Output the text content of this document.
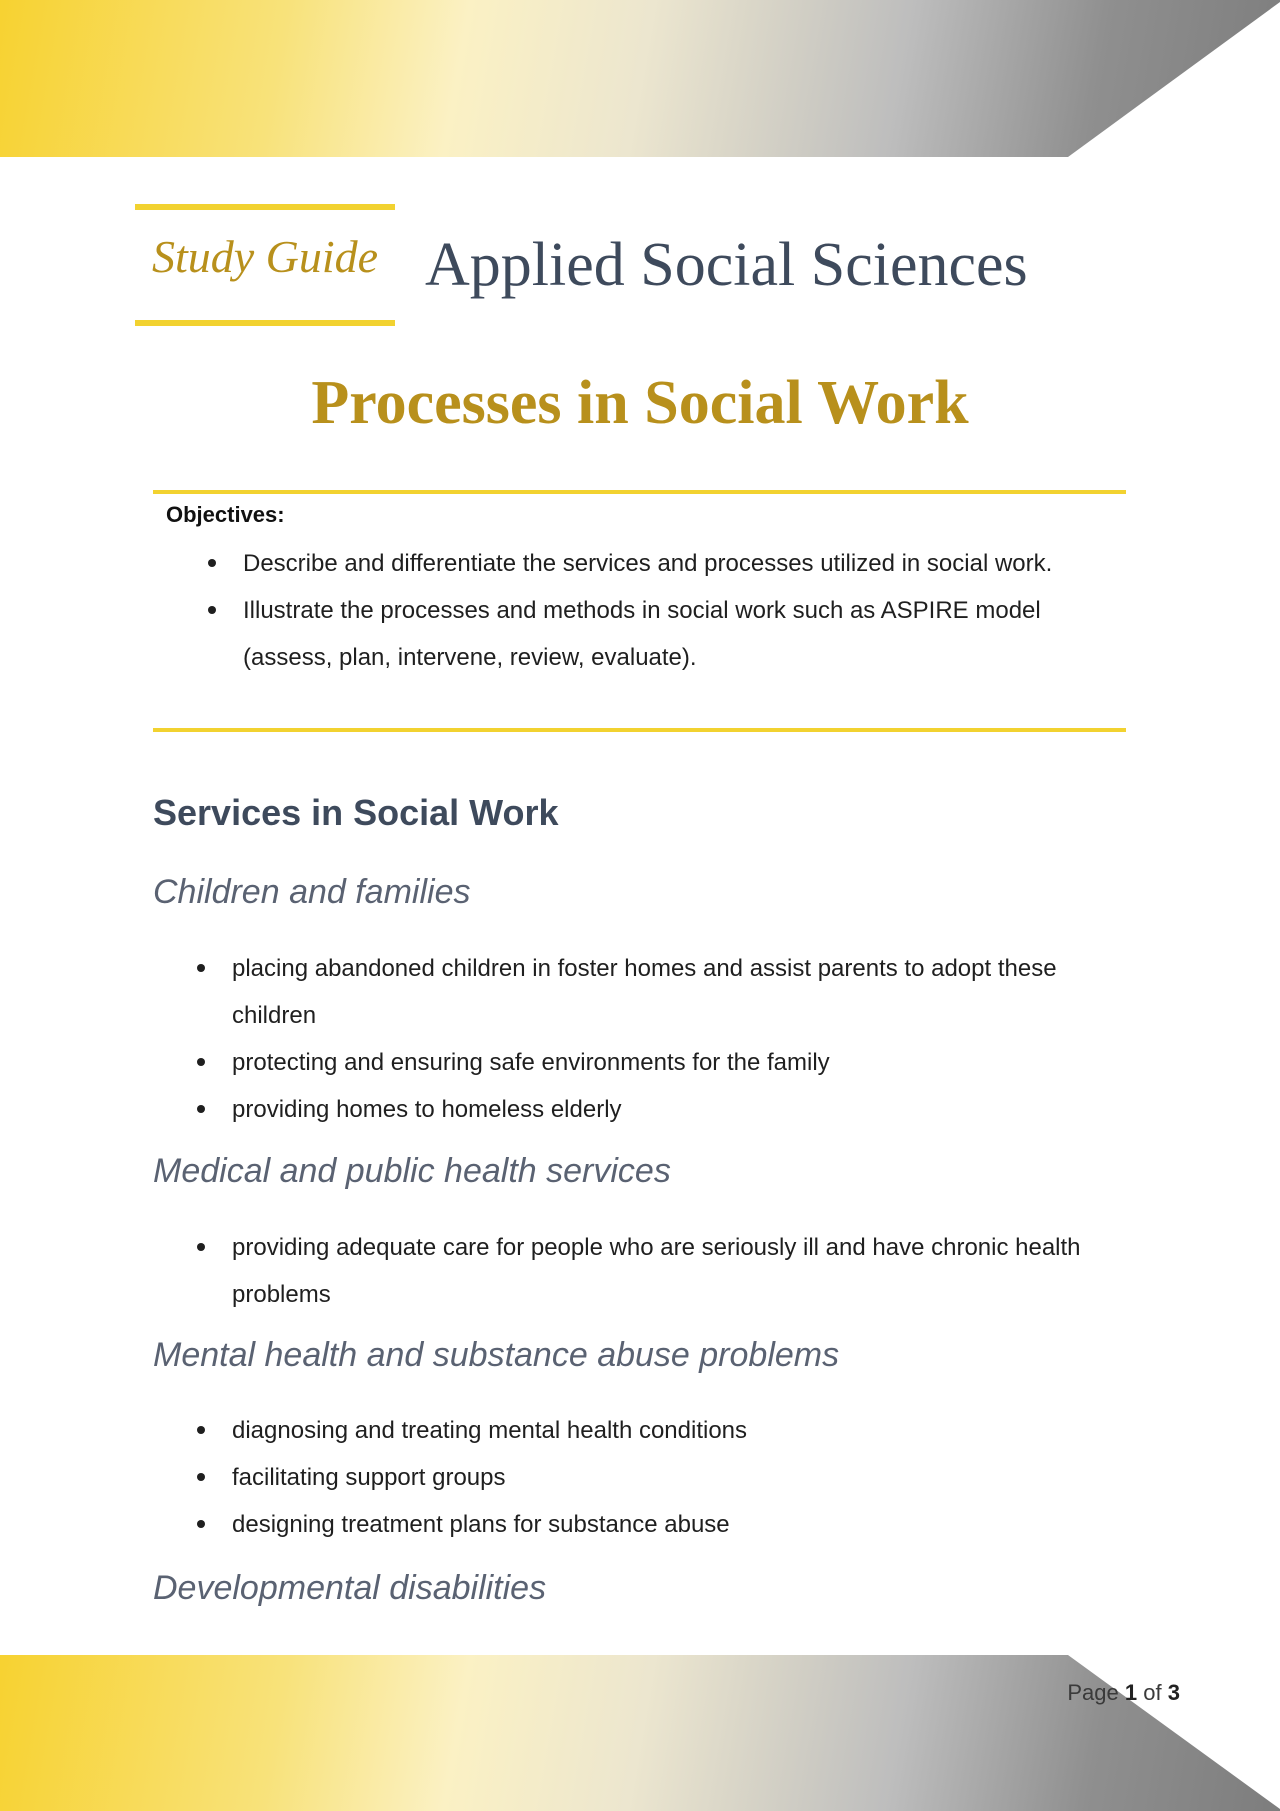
Study Guide Applied Social Sciences
Processes in Social Work
Objectives:
Describe and differentiate the services and processes utilized in social work.
Illustrate the processes and methods in social work such as ASPIRE model (assess, plan, intervene, review, evaluate).
Services in Social Work
Children and families
placing abandoned children in foster homes and assist parents to adopt these children
protecting and ensuring safe environments for the family
providing homes to homeless elderly
Medical and public health services
providing adequate care for people who are seriously ill and have chronic health problems
Mental health and substance abuse problems
diagnosing and treating mental health conditions
facilitating support groups
designing treatment plans for substance abuse
Developmental disabilities
Page 1 of 3
